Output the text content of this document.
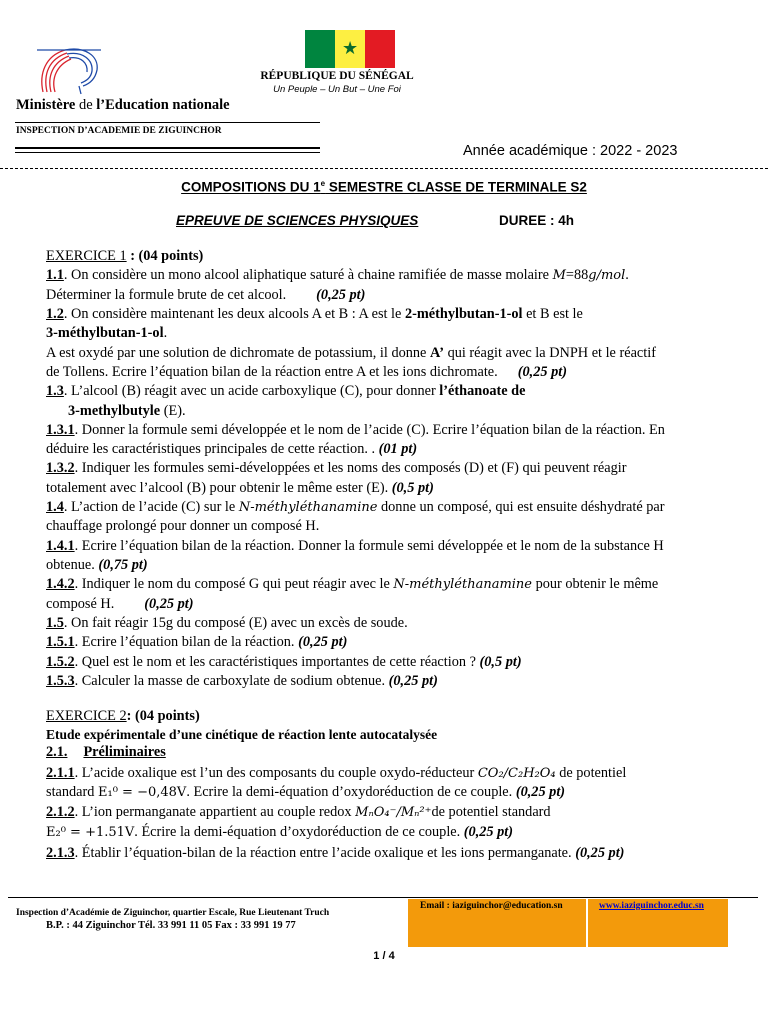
Ministère de l’Education nationale
INSPECTION D’ACADEMIE DE ZIGUINCHOR
★
RÉPUBLIQUE DU SÉNÉGAL
Un Peuple – Un But – Une Foi
Année académique : 2022 - 2023
COMPOSITIONS DU 1e SEMESTRE CLASSE DE TERMINALE S2
EPREUVE DE SCIENCES PHYSIQUES	DUREE : 4h
EXERCICE 1 : (04 points)
1.1. On considère un mono alcool aliphatique saturé à chaine ramifiée de masse molaire M=88g/mol.
Déterminer la formule brute de cet alcool. (0,25 pt)
1.2. On considère maintenant les deux alcools A et B : A est le 2-méthylbutan-1-ol et B est le
3-méthylbutan-1-ol.
A est oxydé par une solution de dichromate de potassium, il donne A’ qui réagit avec la DNPH et le réactif
de Tollens. Ecrire l’équation bilan de la réaction entre A et les ions dichromate. (0,25 pt)
1.3. L’alcool (B) réagit avec un acide carboxylique (C), pour donner l’éthanoate de
3-methylbutyle (E).
1.3.1. Donner la formule semi développée et le nom de l’acide (C). Ecrire l’équation bilan de la réaction. En
déduire les caractéristiques principales de cette réaction. . (01 pt)
1.3.2. Indiquer les formules semi-développées et les noms des composés (D) et (F) qui peuvent réagir
totalement avec l’alcool (B) pour obtenir le même ester (E). (0,5 pt)
1.4. L’action de l’acide (C) sur le N-méthyléthanamine donne un composé, qui est ensuite déshydraté par
chauffage prolongé pour donner un composé H.
1.4.1. Ecrire l’équation bilan de la réaction. Donner la formule semi développée et le nom de la substance H
obtenue. (0,75 pt)
1.4.2. Indiquer le nom du composé G qui peut réagir avec le N-méthyléthanamine pour obtenir le même
composé H. (0,25 pt)
1.5. On fait réagir 15g du composé (E) avec un excès de soude.
1.5.1. Ecrire l’équation bilan de la réaction. (0,25 pt)
1.5.2. Quel est le nom et les caractéristiques importantes de cette réaction ? (0,5 pt)
1.5.3. Calculer la masse de carboxylate de sodium obtenue. (0,25 pt)
EXERCICE 2: (04 points)
Etude expérimentale d’une cinétique de réaction lente autocatalysée
2.1. Préliminaires
2.1.1. L’acide oxalique est l’un des composants du couple oxydo-réducteur CO₂/C₂H₂O₄ de potentiel
standard E₁⁰ = −0,48V. Ecrire la demi-équation d’oxydoréduction de ce couple. (0,25 pt)
2.1.2. L’ion permanganate appartient au couple redox MₙO₄⁻/Mₙ²⁺de potentiel standard
E₂⁰ = +1.51V. Écrire la demi-équation d’oxydoréduction de ce couple. (0,25 pt)
2.1.3. Établir l’équation-bilan de la réaction entre l’acide oxalique et les ions permanganate. (0,25 pt)
Inspection d’Académie de Ziguinchor, quartier Escale, Rue Lieutenant Truch
B.P. : 44 Ziguinchor Tél. 33 991 11 05 Fax : 33 991 19 77
Email : iaziguinchor@education.sn	www.iaziguinchor.educ.sn
1 / 4
